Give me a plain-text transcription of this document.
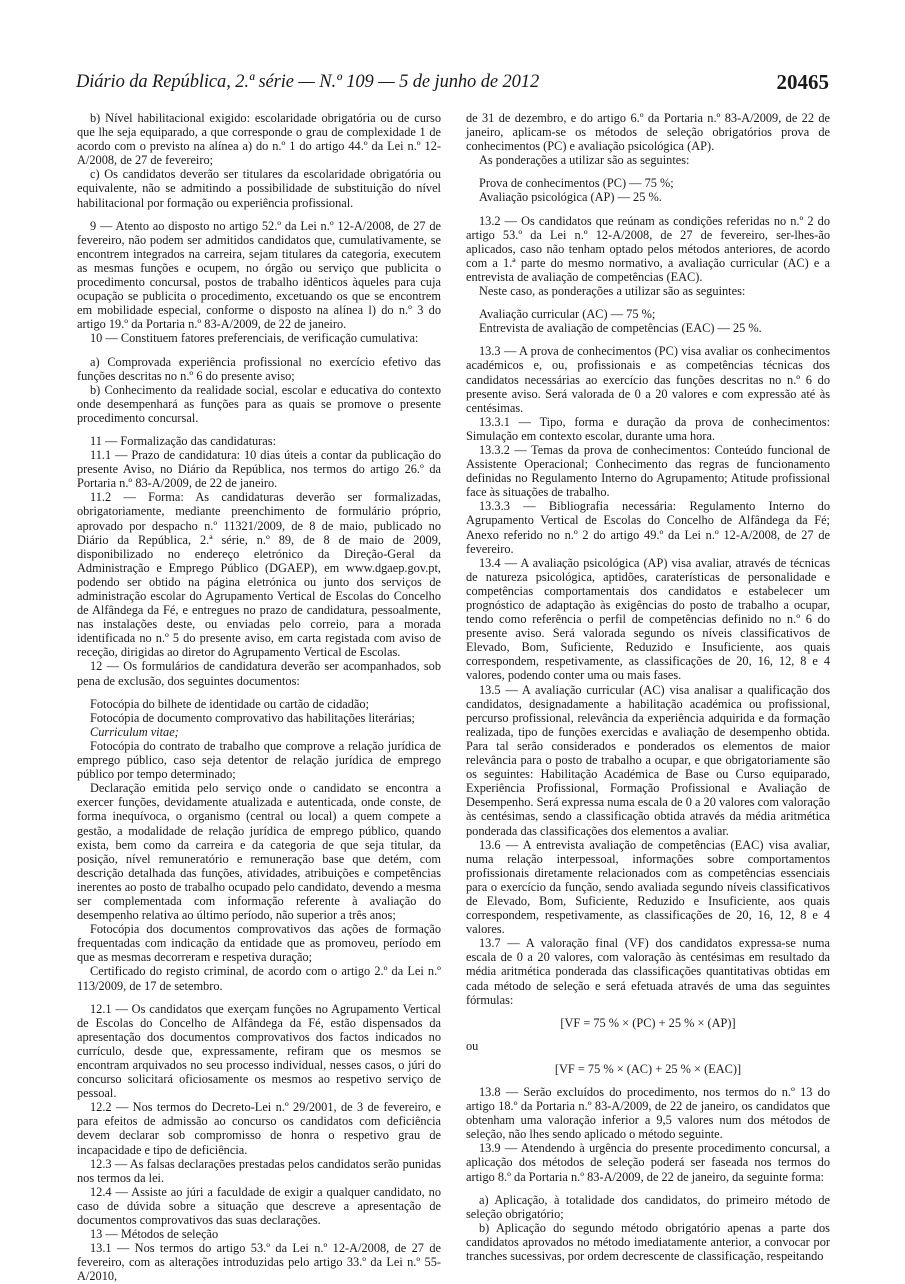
Diário da República, 2.ª série — N.º 109 — 5 de junho de 2012	20465

b) Nível habilitacional exigido: escolaridade obrigatória ou de curso que lhe seja equiparado, a que corresponde o grau de complexidade 1 de acordo com o previsto na alínea a) do n.º 1 do artigo 44.º da Lei n.º 12-A/2008, de 27 de fevereiro;

c) Os candidatos deverão ser titulares da escolaridade obrigatória ou equivalente, não se admitindo a possibilidade de substituição do nível habilitacional por formação ou experiência profissional.

9 — Atento ao disposto no artigo 52.º da Lei n.º 12-A/2008, de 27 de fevereiro, não podem ser admitidos candidatos que, cumulativamente, se encontrem integrados na carreira, sejam titulares da categoria, executem as mesmas funções e ocupem, no órgão ou serviço que publicita o procedimento concursal, postos de trabalho idênticos àqueles para cuja ocupação se publicita o procedimento, excetuando os que se encontrem em mobilidade especial, conforme o disposto na alínea l) do n.º 3 do artigo 19.º da Portaria n.º 83-A/2009, de 22 de janeiro.

10 — Constituem fatores preferenciais, de verificação cumulativa:

a) Comprovada experiência profissional no exercício efetivo das funções descritas no n.º 6 do presente aviso;

b) Conhecimento da realidade social, escolar e educativa do contexto onde desempenhará as funções para as quais se promove o presente procedimento concursal.

11 — Formalização das candidaturas:

11.1 — Prazo de candidatura: 10 dias úteis a contar da publicação do presente Aviso, no Diário da República, nos termos do artigo 26.º da Portaria n.º 83-A/2009, de 22 de janeiro.

11.2 — Forma: As candidaturas deverão ser formalizadas, obrigatoriamente, mediante preenchimento de formulário próprio, aprovado por despacho n.º 11321/2009, de 8 de maio, publicado no Diário da República, 2.ª série, n.º 89, de 8 de maio de 2009, disponibilizado no endereço eletrónico da Direção-Geral da Administração e Emprego Público (DGAEP), em www.dgaep.gov.pt, podendo ser obtido na página eletrónica ou junto dos serviços de administração escolar do Agrupamento Vertical de Escolas do Concelho de Alfândega da Fé, e entregues no prazo de candidatura, pessoalmente, nas instalações deste, ou enviadas pelo correio, para a morada identificada no n.º 5 do presente aviso, em carta registada com aviso de receção, dirigidas ao diretor do Agrupamento Vertical de Escolas.

12 — Os formulários de candidatura deverão ser acompanhados, sob pena de exclusão, dos seguintes documentos:

Fotocópia do bilhete de identidade ou cartão de cidadão;

Fotocópia de documento comprovativo das habilitações literárias;

Curriculum vitae;

Fotocópia do contrato de trabalho que comprove a relação jurídica de emprego público, caso seja detentor de relação jurídica de emprego público por tempo determinado;

Declaração emitida pelo serviço onde o candidato se encontra a exercer funções, devidamente atualizada e autenticada, onde conste, de forma inequívoca, o organismo (central ou local) a quem compete a gestão, a modalidade de relação jurídica de emprego público, quando exista, bem como da carreira e da categoria de que seja titular, da posição, nível remuneratório e remuneração base que detém, com descrição detalhada das funções, atividades, atribuições e competências inerentes ao posto de trabalho ocupado pelo candidato, devendo a mesma ser complementada com informação referente à avaliação do desempenho relativa ao último período, não superior a três anos;

Fotocópia dos documentos comprovativos das ações de formação frequentadas com indicação da entidade que as promoveu, período em que as mesmas decorreram e respetiva duração;

Certificado do registo criminal, de acordo com o artigo 2.º da Lei n.º 113/2009, de 17 de setembro.

12.1 — Os candidatos que exerçam funções no Agrupamento Vertical de Escolas do Concelho de Alfândega da Fé, estão dispensados da apresentação dos documentos comprovativos dos factos indicados no currículo, desde que, expressamente, refiram que os mesmos se encontram arquivados no seu processo individual, nesses casos, o júri do concurso solicitará oficiosamente os mesmos ao respetivo serviço de pessoal.

12.2 — Nos termos do Decreto-Lei n.º 29/2001, de 3 de fevereiro, e para efeitos de admissão ao concurso os candidatos com deficiência devem declarar sob compromisso de honra o respetivo grau de incapacidade e tipo de deficiência.

12.3 — As falsas declarações prestadas pelos candidatos serão punidas nos termos da lei.

12.4 — Assiste ao júri a faculdade de exigir a qualquer candidato, no caso de dúvida sobre a situação que descreve a apresentação de documentos comprovativos das suas declarações.

13 — Métodos de seleção

13.1 — Nos termos do artigo 53.º da Lei n.º 12-A/2008, de 27 de fevereiro, com as alterações introduzidas pelo artigo 33.º da Lei n.º 55-A/2010,

de 31 de dezembro, e do artigo 6.º da Portaria n.º 83-A/2009, de 22 de janeiro, aplicam-se os métodos de seleção obrigatórios prova de conhecimentos (PC) e avaliação psicológica (AP).

As ponderações a utilizar são as seguintes:

Prova de conhecimentos (PC) — 75 %;

Avaliação psicológica (AP) — 25 %.

13.2 — Os candidatos que reúnam as condições referidas no n.º 2 do artigo 53.º da Lei n.º 12-A/2008, de 27 de fevereiro, ser-lhes-ão aplicados, caso não tenham optado pelos métodos anteriores, de acordo com a 1.ª parte do mesmo normativo, a avaliação curricular (AC) e a entrevista de avaliação de competências (EAC).

Neste caso, as ponderações a utilizar são as seguintes:

Avaliação curricular (AC) — 75 %;

Entrevista de avaliação de competências (EAC) — 25 %.

13.3 — A prova de conhecimentos (PC) visa avaliar os conhecimentos académicos e, ou, profissionais e as competências técnicas dos candidatos necessárias ao exercício das funções descritas no n.º 6 do presente aviso. Será valorada de 0 a 20 valores e com expressão até às centésimas.

13.3.1 — Tipo, forma e duração da prova de conhecimentos: Simulação em contexto escolar, durante uma hora.

13.3.2 — Temas da prova de conhecimentos: Conteúdo funcional de Assistente Operacional; Conhecimento das regras de funcionamento definidas no Regulamento Interno do Agrupamento; Atitude profissional face às situações de trabalho.

13.3.3 — Bibliografia necessária: Regulamento Interno do Agrupamento Vertical de Escolas do Concelho de Alfândega da Fé; Anexo referido no n.º 2 do artigo 49.º da Lei n.º 12-A/2008, de 27 de fevereiro.

13.4 — A avaliação psicológica (AP) visa avaliar, através de técnicas de natureza psicológica, aptidões, caraterísticas de personalidade e competências comportamentais dos candidatos e estabelecer um prognóstico de adaptação às exigências do posto de trabalho a ocupar, tendo como referência o perfil de competências definido no n.º 6 do presente aviso. Será valorada segundo os níveis classificativos de Elevado, Bom, Suficiente, Reduzido e Insuficiente, aos quais correspondem, respetivamente, as classificações de 20, 16, 12, 8 e 4 valores, podendo conter uma ou mais fases.

13.5 — A avaliação curricular (AC) visa analisar a qualificação dos candidatos, designadamente a habilitação académica ou profissional, percurso profissional, relevância da experiência adquirida e da formação realizada, tipo de funções exercidas e avaliação de desempenho obtida. Para tal serão considerados e ponderados os elementos de maior relevância para o posto de trabalho a ocupar, e que obrigatoriamente são os seguintes: Habilitação Académica de Base ou Curso equiparado, Experiência Profissional, Formação Profissional e Avaliação de Desempenho. Será expressa numa escala de 0 a 20 valores com valoração às centésimas, sendo a classificação obtida através da média aritmética ponderada das classificações dos elementos a avaliar.

13.6 — A entrevista avaliação de competências (EAC) visa avaliar, numa relação interpessoal, informações sobre comportamentos profissionais diretamente relacionados com as competências essenciais para o exercício da função, sendo avaliada segundo níveis classificativos de Elevado, Bom, Suficiente, Reduzido e Insuficiente, aos quais correspondem, respetivamente, as classificações de 20, 16, 12, 8 e 4 valores.

13.7 — A valoração final (VF) dos candidatos expressa-se numa escala de 0 a 20 valores, com valoração às centésimas em resultado da média aritmética ponderada das classificações quantitativas obtidas em cada método de seleção e será efetuada através de uma das seguintes fórmulas:

[VF = 75 % × (PC) + 25 % × (AP)]

ou

[VF = 75 % × (AC) + 25 % × (EAC)]

13.8 — Serão excluídos do procedimento, nos termos do n.º 13 do artigo 18.º da Portaria n.º 83-A/2009, de 22 de janeiro, os candidatos que obtenham uma valoração inferior a 9,5 valores num dos métodos de seleção, não lhes sendo aplicado o método seguinte.

13.9 — Atendendo à urgência do presente procedimento concursal, a aplicação dos métodos de seleção poderá ser faseada nos termos do artigo 8.º da Portaria n.º 83-A/2009, de 22 de janeiro, da seguinte forma:

a) Aplicação, à totalidade dos candidatos, do primeiro método de seleção obrigatório;

b) Aplicação do segundo método obrigatório apenas a parte dos candidatos aprovados no método imediatamente anterior, a convocar por tranches sucessivas, por ordem decrescente de classificação, respeitando
